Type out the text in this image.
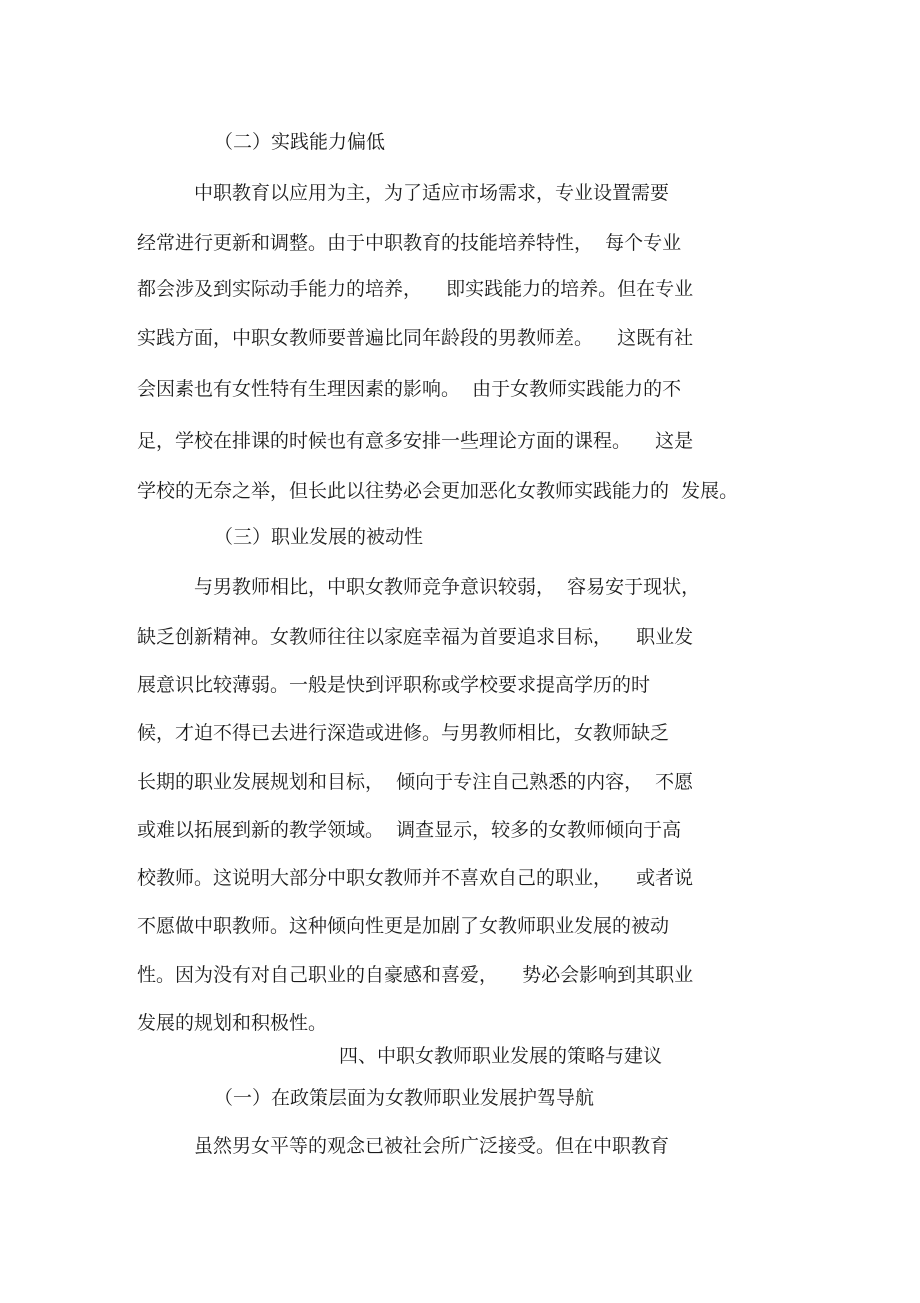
（二）实践能力偏低
中职教育以应用为主，为了适应市场需求，专业设置需要
经常进行更新和调整。由于中职教育的技能培养特性，  每个专业
都会涉及到实际动手能力的培养，    即实践能力的培养。但在专业
实践方面，中职女教师要普遍比同年龄段的男教师差。    这既有社
会因素也有女性特有生理因素的影响。  由于女教师实践能力的不
足，学校在排课的时候也有意多安排一些理论方面的课程。    这是
学校的无奈之举，但长此以往势必会更加恶化女教师实践能力的  发展。
（三）职业发展的被动性
与男教师相比，中职女教师竞争意识较弱，  容易安于现状，
缺乏创新精神。女教师往往以家庭幸福为首要追求目标，    职业发
展意识比较薄弱。一般是快到评职称或学校要求提高学历的时
候，才迫不得已去进行深造或进修。与男教师相比，女教师缺乏
长期的职业发展规划和目标，  倾向于专注自己熟悉的内容，  不愿
或难以拓展到新的教学领域。  调查显示，较多的女教师倾向于高
校教师。这说明大部分中职女教师并不喜欢自己的职业，    或者说
不愿做中职教师。这种倾向性更是加剧了女教师职业发展的被动
性。因为没有对自己职业的自豪感和喜爱，    势必会影响到其职业
发展的规划和积极性。
四、中职女教师职业发展的策略与建议
（一）在政策层面为女教师职业发展护驾导航
虽然男女平等的观念已被社会所广泛接受。但在中职教育
